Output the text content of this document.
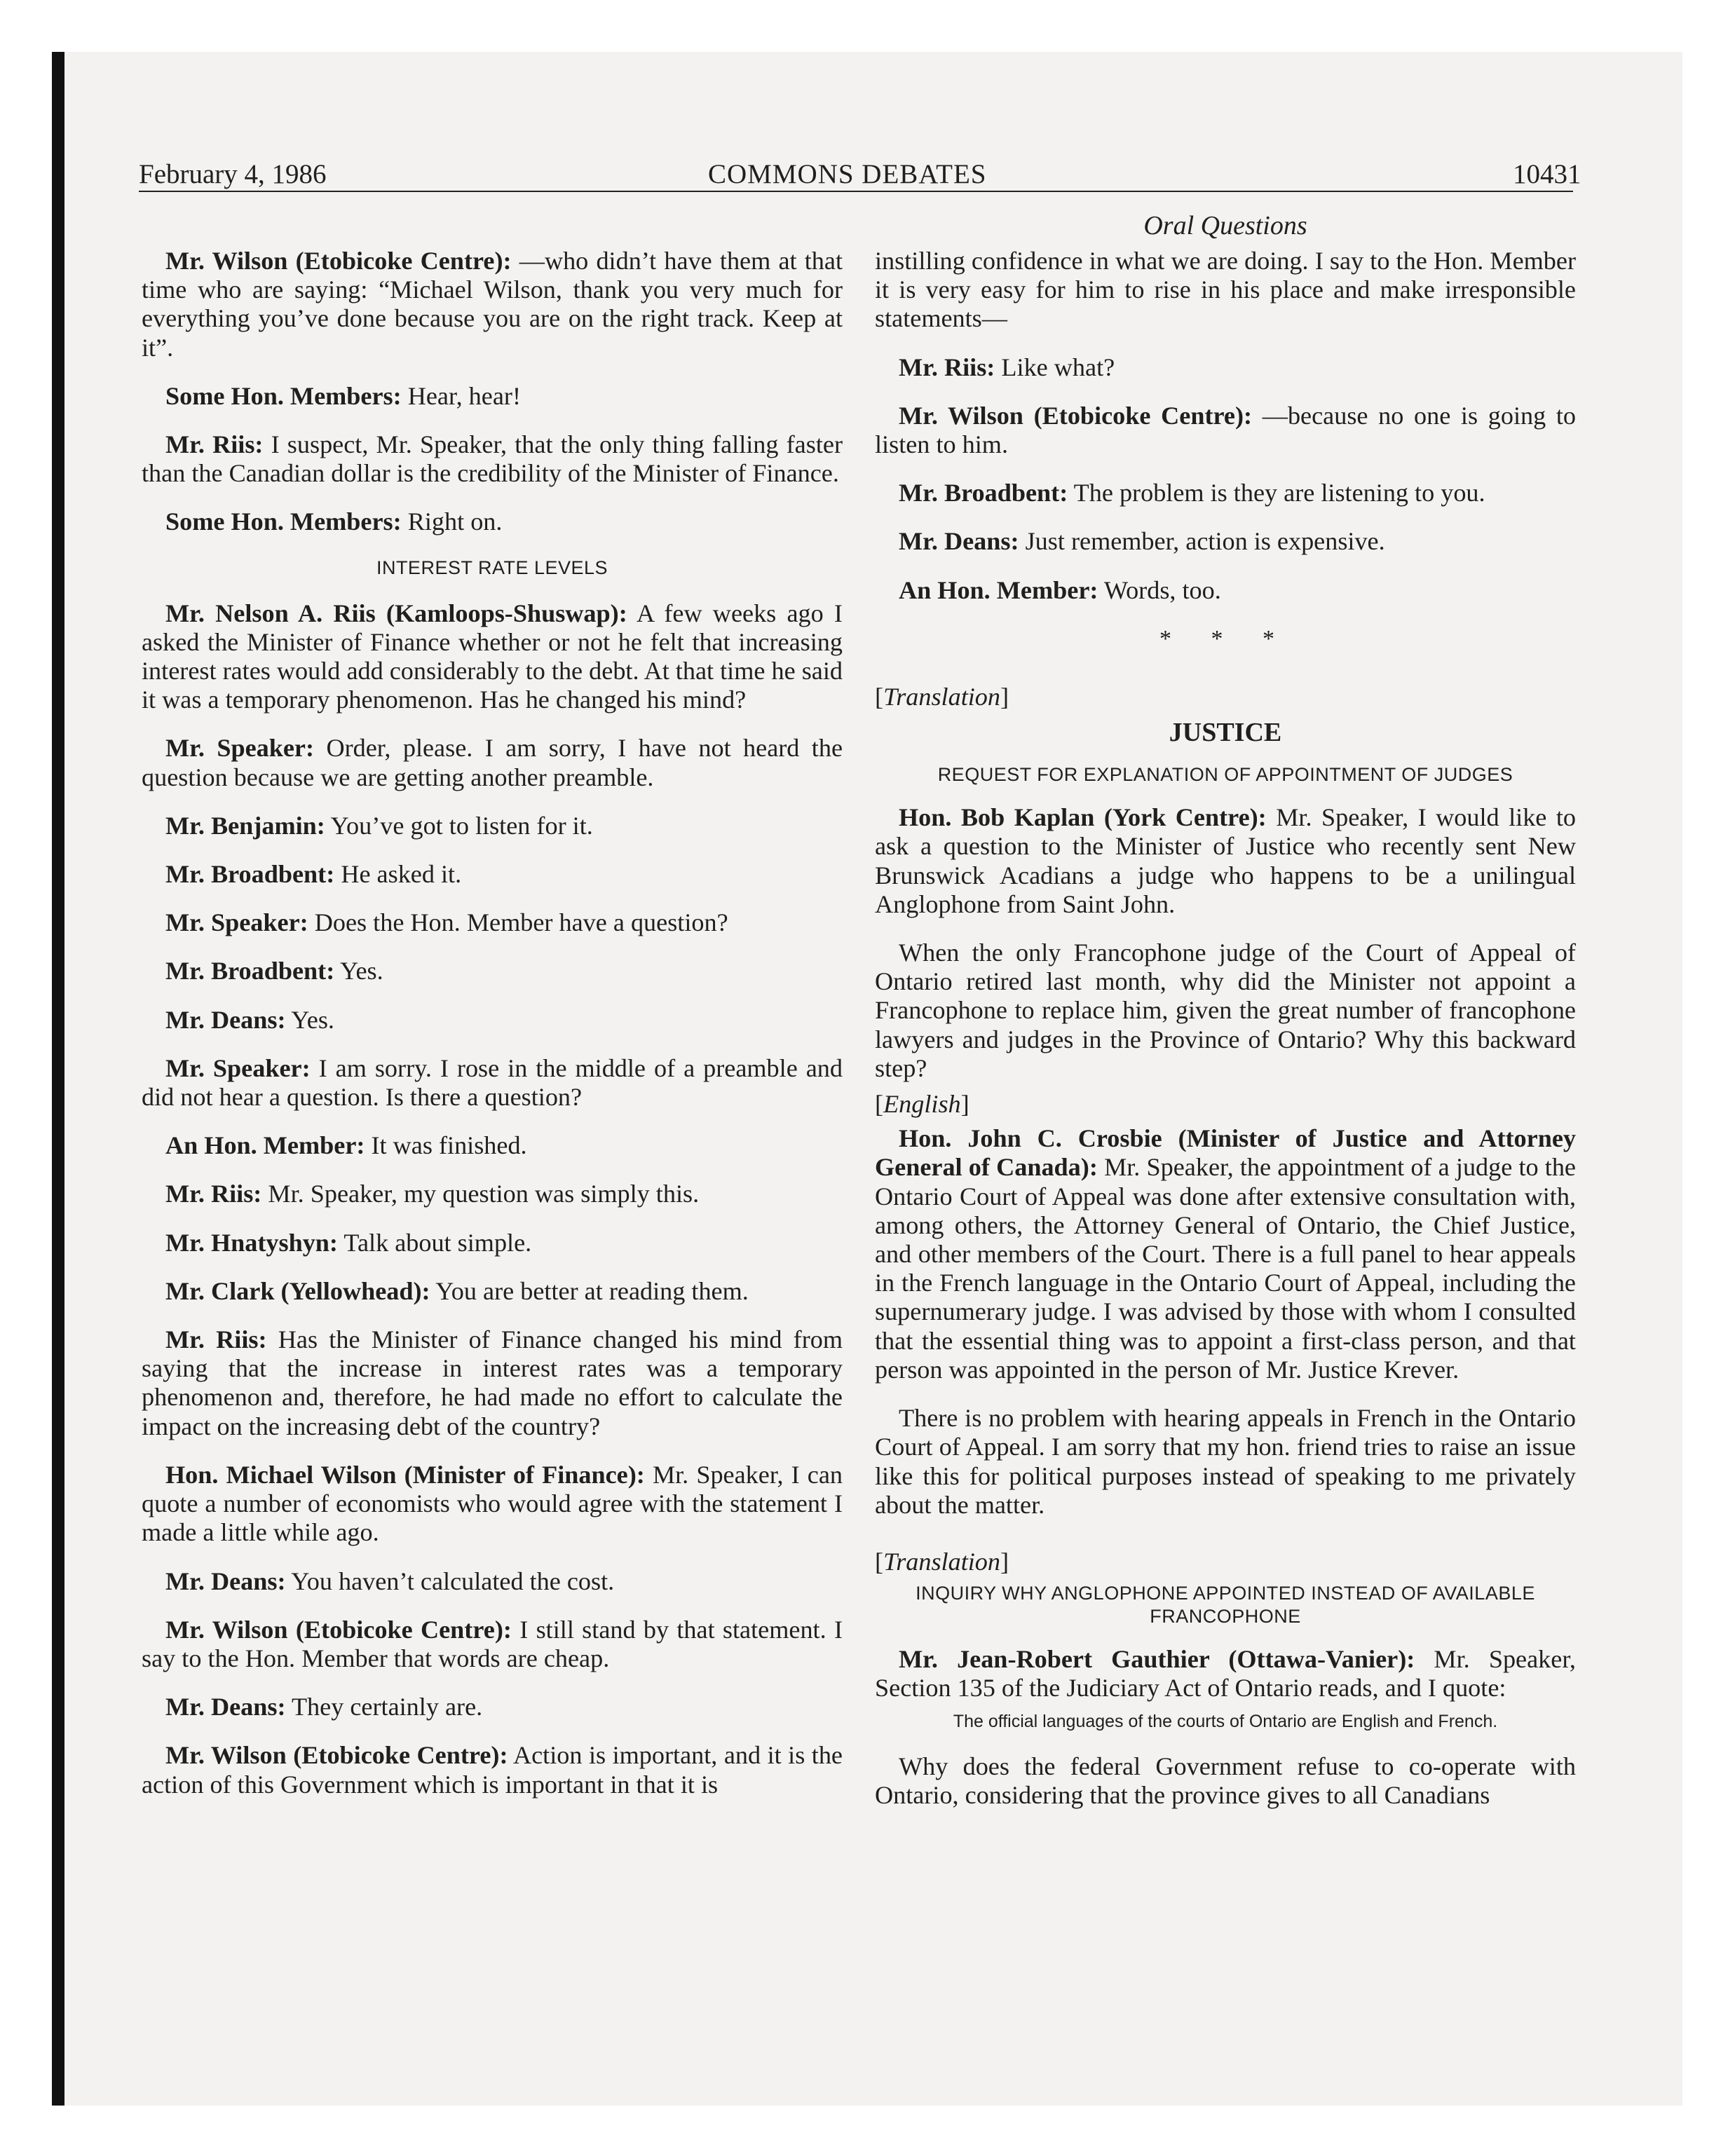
February 4, 1986	COMMONS DEBATES	10431
Oral Questions

Mr. Wilson (Etobicoke Centre): —who didn’t have them at that time who are saying: “Michael Wilson, thank you very much for everything you’ve done because you are on the right track. Keep at it”.

Some Hon. Members: Hear, hear!

Mr. Riis: I suspect, Mr. Speaker, that the only thing falling faster than the Canadian dollar is the credibility of the Minister of Finance.

Some Hon. Members: Right on.

INTEREST RATE LEVELS

Mr. Nelson A. Riis (Kamloops-Shuswap): A few weeks ago I asked the Minister of Finance whether or not he felt that increasing interest rates would add considerably to the debt. At that time he said it was a temporary phenomenon. Has he changed his mind?

Mr. Speaker: Order, please. I am sorry, I have not heard the question because we are getting another preamble.

Mr. Benjamin: You’ve got to listen for it.

Mr. Broadbent: He asked it.

Mr. Speaker: Does the Hon. Member have a question?

Mr. Broadbent: Yes.

Mr. Deans: Yes.

Mr. Speaker: I am sorry. I rose in the middle of a preamble and did not hear a question. Is there a question?

An Hon. Member: It was finished.

Mr. Riis: Mr. Speaker, my question was simply this.

Mr. Hnatyshyn: Talk about simple.

Mr. Clark (Yellowhead): You are better at reading them.

Mr. Riis: Has the Minister of Finance changed his mind from saying that the increase in interest rates was a temporary phenomenon and, therefore, he had made no effort to calculate the impact on the increasing debt of the country?

Hon. Michael Wilson (Minister of Finance): Mr. Speaker, I can quote a number of economists who would agree with the statement I made a little while ago.

Mr. Deans: You haven’t calculated the cost.

Mr. Wilson (Etobicoke Centre): I still stand by that statement. I say to the Hon. Member that words are cheap.

Mr. Deans: They certainly are.

Mr. Wilson (Etobicoke Centre): Action is important, and it is the action of this Government which is important in that it is

instilling confidence in what we are doing. I say to the Hon. Member it is very easy for him to rise in his place and make irresponsible statements—

Mr. Riis: Like what?

Mr. Wilson (Etobicoke Centre): —because no one is going to listen to him.

Mr. Broadbent: The problem is they are listening to you.

Mr. Deans: Just remember, action is expensive.

An Hon. Member: Words, too.

* * *

[Translation]

JUSTICE
REQUEST FOR EXPLANATION OF APPOINTMENT OF JUDGES

Hon. Bob Kaplan (York Centre): Mr. Speaker, I would like to ask a question to the Minister of Justice who recently sent New Brunswick Acadians a judge who happens to be a unilingual Anglophone from Saint John.

When the only Francophone judge of the Court of Appeal of Ontario retired last month, why did the Minister not appoint a Francophone to replace him, given the great number of francophone lawyers and judges in the Province of Ontario? Why this backward step?

[English]

Hon. John C. Crosbie (Minister of Justice and Attorney General of Canada): Mr. Speaker, the appointment of a judge to the Ontario Court of Appeal was done after extensive consultation with, among others, the Attorney General of Ontario, the Chief Justice, and other members of the Court. There is a full panel to hear appeals in the French language in the Ontario Court of Appeal, including the supernumerary judge. I was advised by those with whom I consulted that the essential thing was to appoint a first-class person, and that person was appointed in the person of Mr. Justice Krever.

There is no problem with hearing appeals in French in the Ontario Court of Appeal. I am sorry that my hon. friend tries to raise an issue like this for political purposes instead of speaking to me privately about the matter.

[Translation]

INQUIRY WHY ANGLOPHONE APPOINTED INSTEAD OF AVAILABLE FRANCOPHONE

Mr. Jean-Robert Gauthier (Ottawa-Vanier): Mr. Speaker, Section 135 of the Judiciary Act of Ontario reads, and I quote:

The official languages of the courts of Ontario are English and French.

Why does the federal Government refuse to co-operate with Ontario, considering that the province gives to all Canadians
